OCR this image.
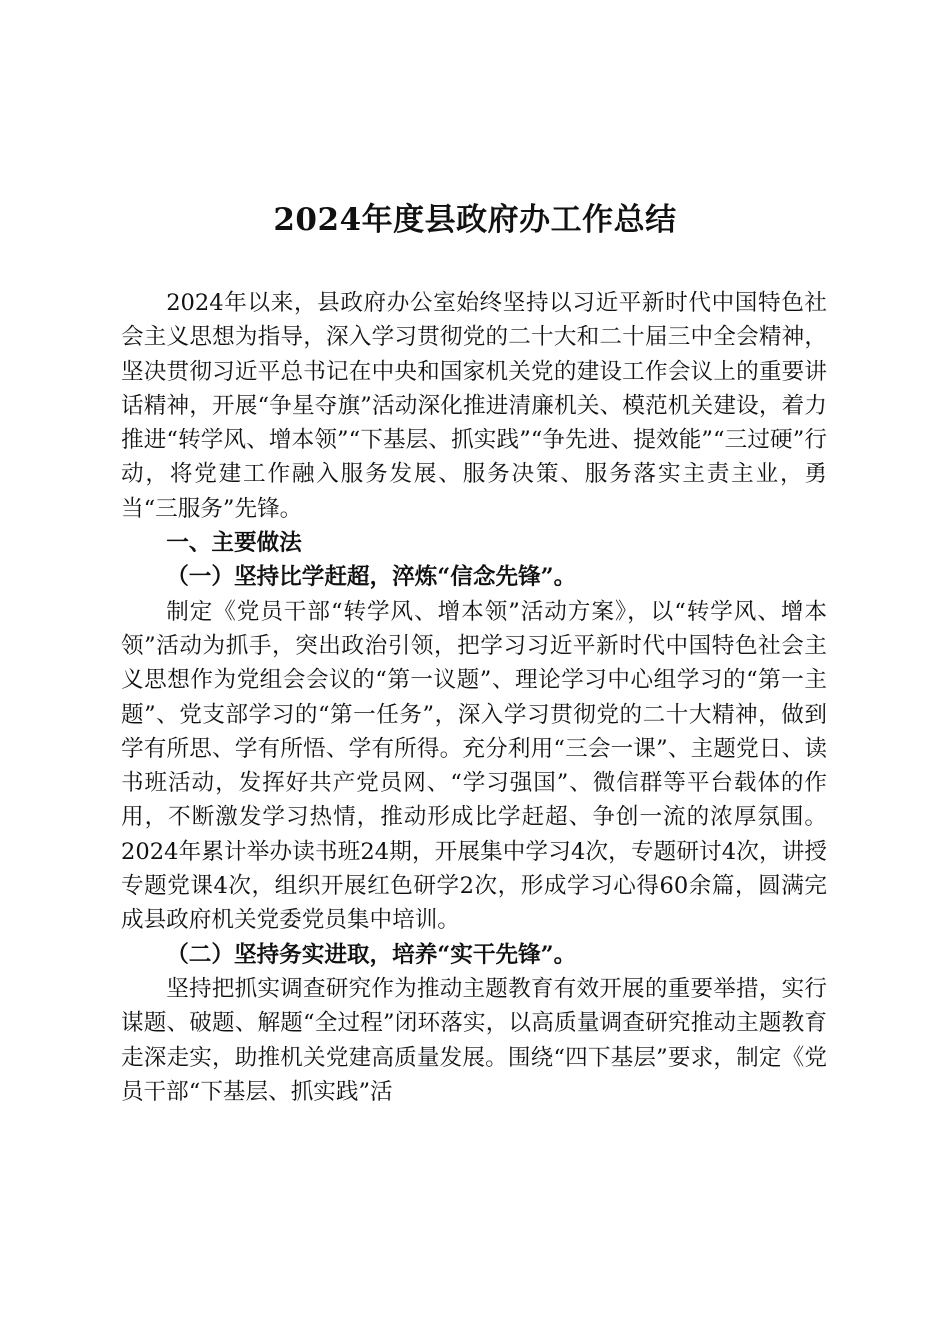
2024年度县政府办工作总结

2024年以来，县政府办公室始终坚持以习近平新时代中国特色社会主义思想为指导，深入学习贯彻党的二十大和二十届三中全会精神，坚决贯彻习近平总书记在中央和国家机关党的建设工作会议上的重要讲话精神，开展“争星夺旗”活动深化推进清廉机关、模范机关建设，着力推进“转学风、增本领”“下基层、抓实践”“争先进、提效能”“三过硬”行动，将党建工作融入服务发展、服务决策、服务落实主责主业，勇当“三服务”先锋。

一、主要做法

（一）坚持比学赶超，淬炼“信念先锋”。

制定《党员干部“转学风、增本领”活动方案》，以“转学风、增本领”活动为抓手，突出政治引领，把学习习近平新时代中国特色社会主义思想作为党组会会议的“第一议题”、理论学习中心组学习的“第一主题”、党支部学习的“第一任务”，深入学习贯彻党的二十大精神，做到学有所思、学有所悟、学有所得。充分利用“三会一课”、主题党日、读书班活动，发挥好共产党员网、“学习强国”、微信群等平台载体的作用，不断激发学习热情，推动形成比学赶超、争创一流的浓厚氛围。2024年累计举办读书班24期，开展集中学习4次，专题研讨4次，讲授专题党课4次，组织开展红色研学2次，形成学习心得60余篇，圆满完成县政府机关党委党员集中培训。

（二）坚持务实进取，培养“实干先锋”。

坚持把抓实调查研究作为推动主题教育有效开展的重要举措，实行谋题、破题、解题“全过程”闭环落实，以高质量调查研究推动主题教育走深走实，助推机关党建高质量发展。围绕“四下基层”要求，制定《党员干部“下基层、抓实践”活
